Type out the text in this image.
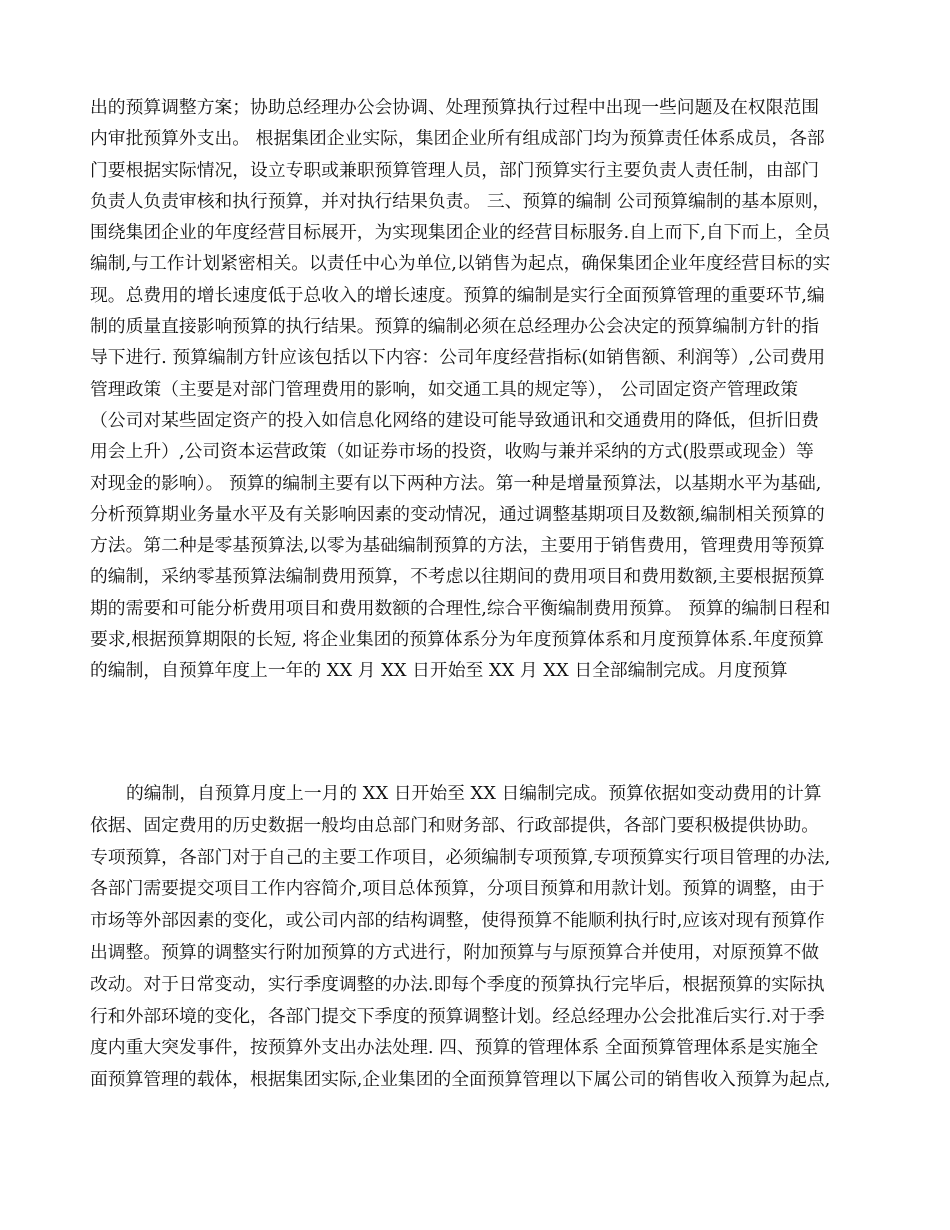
出的预算调整方案；协助总经理办公会协调、处理预算执行过程中出现一些问题及在权限范围
内审批预算外支出。 根据集团企业实际，集团企业所有组成部门均为预算责任体系成员，各部
门要根据实际情况，设立专职或兼职预算管理人员，部门预算实行主要负责人责任制，由部门
负责人负责审核和执行预算，并对执行结果负责。 三、预算的编制 公司预算编制的基本原则，
围绕集团企业的年度经营目标展开，为实现集团企业的经营目标服务.自上而下,自下而上，全员
编制,与工作计划紧密相关。以责任中心为单位,以销售为起点，确保集团企业年度经营目标的实
现。总费用的增长速度低于总收入的增长速度。预算的编制是实行全面预算管理的重要环节,编
制的质量直接影响预算的执行结果。预算的编制必须在总经理办公会决定的预算编制方针的指
导下进行. 预算编制方针应该包括以下内容：公司年度经营指标(如销售额、利润等）,公司费用
管理政策（主要是对部门管理费用的影响，如交通工具的规定等）， 公司固定资产管理政策
（公司对某些固定资产的投入如信息化网络的建设可能导致通讯和交通费用的降低，但折旧费
用会上升）,公司资本运营政策（如证券市场的投资，收购与兼并采纳的方式(股票或现金）等
对现金的影响）。 预算的编制主要有以下两种方法。第一种是增量预算法，以基期水平为基础,
分析预算期业务量水平及有关影响因素的变动情况，通过调整基期项目及数额,编制相关预算的
方法。第二种是零基预算法,以零为基础编制预算的方法，主要用于销售费用，管理费用等预算
的编制，采纳零基预算法编制费用预算，不考虑以往期间的费用项目和费用数额,主要根据预算
期的需要和可能分析费用项目和费用数额的合理性,综合平衡编制费用预算。 预算的编制日程和
要求,根据预算期限的长短, 将企业集团的预算体系分为年度预算体系和月度预算体系.年度预算
的编制，自预算年度上一年的 XX 月 XX 日开始至 XX 月 XX 日全部编制完成。月度预算
的编制，自预算月度上一月的 XX 日开始至 XX 日编制完成。预算依据如变动费用的计算
依据、固定费用的历史数据一般均由总部门和财务部、行政部提供，各部门要积极提供协助。
专项预算，各部门对于自己的主要工作项目，必须编制专项预算,专项预算实行项目管理的办法,
各部门需要提交项目工作内容简介,项目总体预算，分项目预算和用款计划。预算的调整，由于
市场等外部因素的变化，或公司内部的结构调整，使得预算不能顺利执行时,应该对现有预算作
出调整。预算的调整实行附加预算的方式进行，附加预算与与原预算合并使用，对原预算不做
改动。对于日常变动，实行季度调整的办法.即每个季度的预算执行完毕后，根据预算的实际执
行和外部环境的变化，各部门提交下季度的预算调整计划。经总经理办公会批准后实行.对于季
度内重大突发事件，按预算外支出办法处理. 四、预算的管理体系 全面预算管理体系是实施全
面预算管理的载体，根据集团实际,企业集团的全面预算管理以下属公司的销售收入预算为起点,
